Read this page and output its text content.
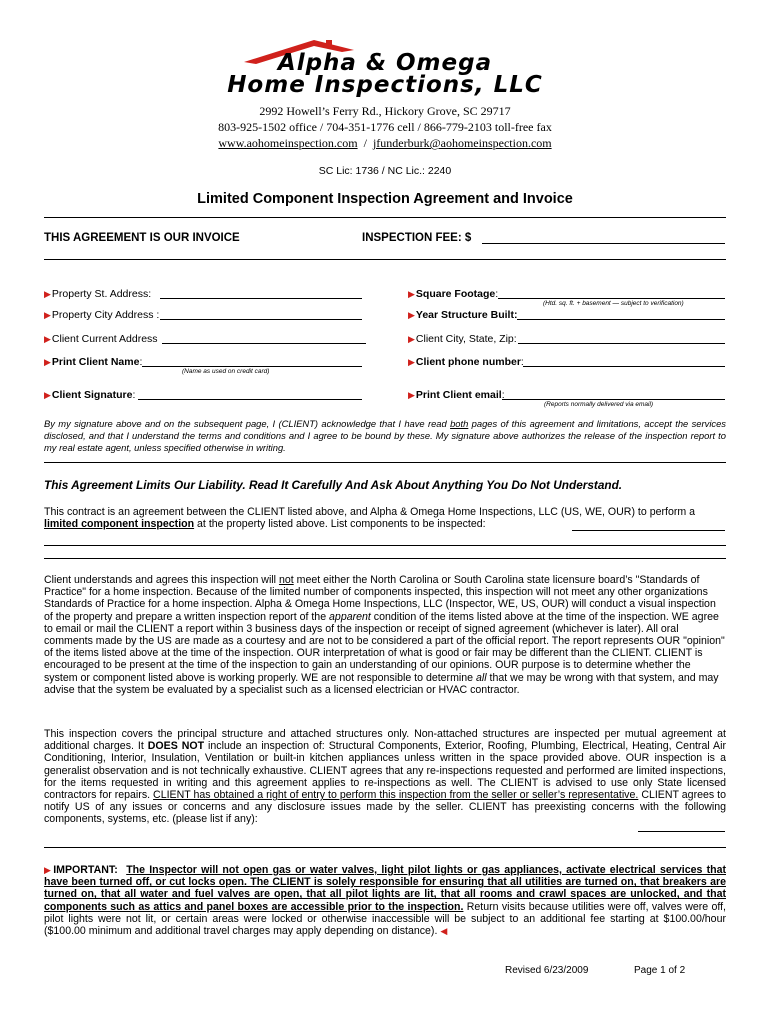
Alpha & Omega
Home Inspections, LLC
2992 Howell’s Ferry Rd., Hickory Grove, SC 29717
803-925-1502 office / 704-351-1776 cell / 866-779-2103 toll-free fax
www.aohomeinspection.com / jfunderburk@aohomeinspection.com
SC Lic: 1736 / NC Lic.: 2240
Limited Component Inspection Agreement and Invoice
THIS AGREEMENT IS OUR INVOICE	INSPECTION FEE: $
▶Property St. Address:
▶Property City Address :
▶Client Current Address
▶Print Client Name:
(Name as used on credit card)
▶Client Signature:
▶Square Footage:
(Htd. sq. ft. + basement — subject to verification)
▶Year Structure Built:
▶Client City, State, Zip:
▶Client phone number:
▶Print Client email:
(Reports normally delivered via email)
By my signature above and on the subsequent page, I (CLIENT) acknowledge that I have read both pages of this agreement and limitations, accept the services disclosed, and that I understand the terms and conditions and I agree to be bound by these. My signature above authorizes the release of the inspection report to my real estate agent, unless specified otherwise in writing.
This Agreement Limits Our Liability. Read It Carefully And Ask About Anything You Do Not Understand.
This contract is an agreement between the CLIENT listed above, and Alpha & Omega Home Inspections, LLC (US, WE, OUR) to perform a limited component inspection at the property listed above. List components to be inspected:
Client understands and agrees this inspection will not meet either the North Carolina or South Carolina state licensure board’s "Standards of Practice" for a home inspection. Because of the limited number of components inspected, this inspection will not meet any other organizations Standards of Practice for a home inspection. Alpha & Omega Home Inspections, LLC (Inspector, WE, US, OUR) will conduct a visual inspection of the property and prepare a written inspection report of the apparent condition of the items listed above at the time of the inspection. WE agree to email or mail the CLIENT a report within 3 business days of the inspection or receipt of signed agreement (whichever is later). All oral comments made by the US are made as a courtesy and are not to be considered a part of the official report. The report represents OUR "opinion" of the items listed above at the time of the inspection. OUR interpretation of what is good or fair may be different than the CLIENT. CLIENT is encouraged to be present at the time of the inspection to gain an understanding of our opinions. OUR purpose is to determine whether the system or component listed above is working properly. WE are not responsible to determine all that we may be wrong with that system, and may advise that the system be evaluated by a specialist such as a licensed electrician or HVAC contractor.
This inspection covers the principal structure and attached structures only. Non-attached structures are inspected per mutual agreement at additional charges. It DOES NOT include an inspection of: Structural Components, Exterior, Roofing, Plumbing, Electrical, Heating, Central Air Conditioning, Interior, Insulation, Ventilation or built-in kitchen appliances unless written in the space provided above. OUR inspection is a generalist observation and is not technically exhaustive. CLIENT agrees that any re-inspections requested and performed are limited inspections, for the items requested in writing and this agreement applies to re-inspections as well. The CLIENT is advised to use only State licensed contractors for repairs. CLIENT has obtained a right of entry to perform this inspection from the seller or seller’s representative. CLIENT agrees to notify US of any issues or concerns and any disclosure issues made by the seller. CLIENT has preexisting concerns with the following components, systems, etc. (please list if any):
▶IMPORTANT: The Inspector will not open gas or water valves, light pilot lights or gas appliances, activate electrical services that have been turned off, or cut locks open. The CLIENT is solely responsible for ensuring that all utilities are turned on, that breakers are turned on, that all water and fuel valves are open, that all pilot lights are lit, that all rooms and crawl spaces are unlocked, and that components such as attics and panel boxes are accessible prior to the inspection. Return visits because utilities were off, valves were off, pilot lights were not lit, or certain areas were locked or otherwise inaccessible will be subject to an additional fee starting at $100.00/hour ($100.00 minimum and additional travel charges may apply depending on distance). ◀
Revised 6/23/2009	Page 1 of 2
